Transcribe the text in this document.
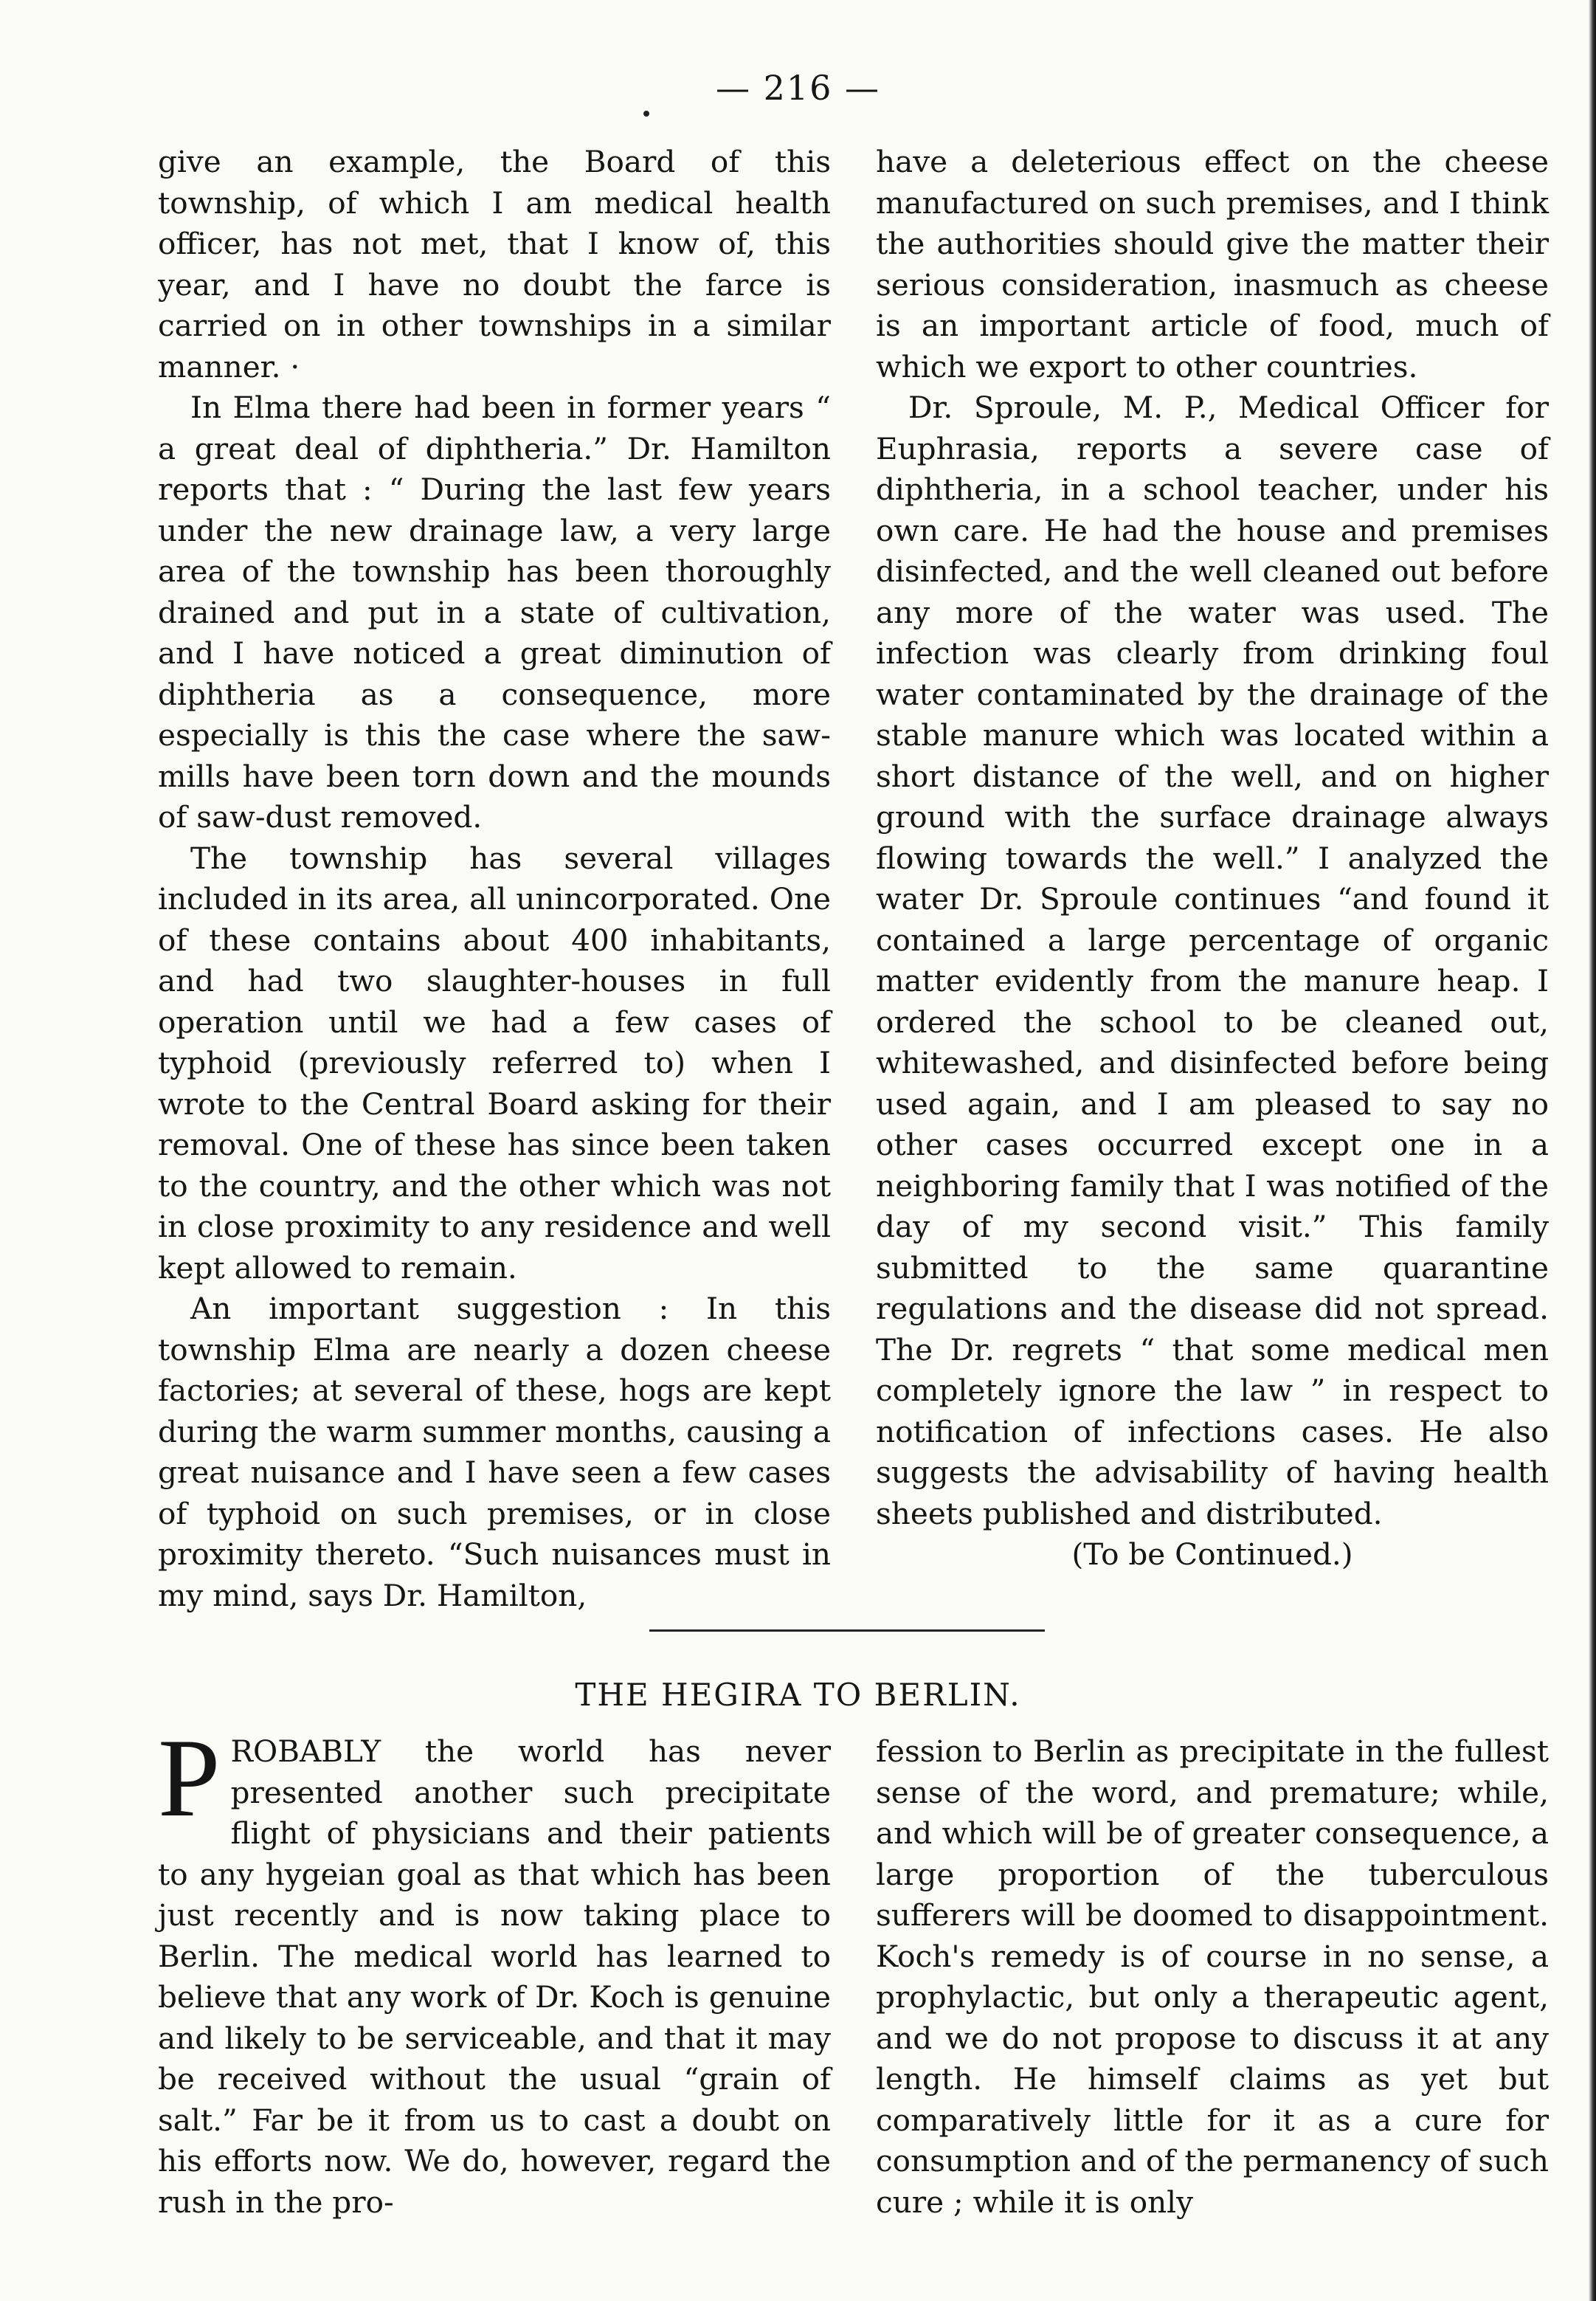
— 216 —

give an example, the Board of this township, of which I am medical health officer, has not met, that I know of, this year, and I have no doubt the farce is carried on in other townships in a similar manner. ·

In Elma there had been in former years “ a great deal of diphtheria.” Dr. Hamilton reports that : “ During the last few years under the new drainage law, a very large area of the township has been thoroughly drained and put in a state of cultivation, and I have noticed a great diminution of diphtheria as a consequence, more especially is this the case where the saw-mills have been torn down and the mounds of saw-dust removed.

The township has several villages included in its area, all unincorporated. One of these contains about 400 inhabitants, and had two slaughter-houses in full operation until we had a few cases of typhoid (previously referred to) when I wrote to the Central Board asking for their removal. One of these has since been taken to the country, and the other which was not in close proximity to any residence and well kept allowed to remain.

An important suggestion : In this township Elma are nearly a dozen cheese factories; at several of these, hogs are kept during the warm summer months, causing a great nuisance and I have seen a few cases of typhoid on such premises, or in close proximity thereto. “Such nuisances must in my mind, says Dr. Hamilton,

have a deleterious effect on the cheese manufactured on such premises, and I think the authorities should give the matter their serious consideration, inasmuch as cheese is an important article of food, much of which we export to other countries.

Dr. Sproule, M. P., Medical Officer for Euphrasia, reports a severe case of diphtheria, in a school teacher, under his own care. He had the house and premises disinfected, and the well cleaned out before any more of the water was used. The infection was clearly from drinking foul water contaminated by the drainage of the stable manure which was located within a short distance of the well, and on higher ground with the surface drainage always flowing towards the well.” I analyzed the water Dr. Sproule continues “and found it contained a large percentage of organic matter evidently from the manure heap. I ordered the school to be cleaned out, whitewashed, and disinfected before being used again, and I am pleased to say no other cases occurred except one in a neighboring family that I was notified of the day of my second visit.” This family submitted to the same quarantine regulations and the disease did not spread. The Dr. regrets “ that some medical men completely ignore the law ” in respect to notification of infections cases. He also suggests the advisability of having health sheets published and distributed.

(To be Continued.)

THE HEGIRA TO BERLIN.

PROBABLY the world has never presented another such precipitate flight of physicians and their patients to any hygeian goal as that which has been just recently and is now taking place to Berlin. The medical world has learned to believe that any work of Dr. Koch is genuine and likely to be serviceable, and that it may be received without the usual “grain of salt.” Far be it from us to cast a doubt on his efforts now. We do, however, regard the rush in the pro-

fession to Berlin as precipitate in the fullest sense of the word, and premature; while, and which will be of greater consequence, a large proportion of the tuberculous sufferers will be doomed to disappointment. Koch's remedy is of course in no sense, a prophylactic, but only a therapeutic agent, and we do not propose to discuss it at any length. He himself claims as yet but comparatively little for it as a cure for consumption and of the permanency of such cure ; while it is only
